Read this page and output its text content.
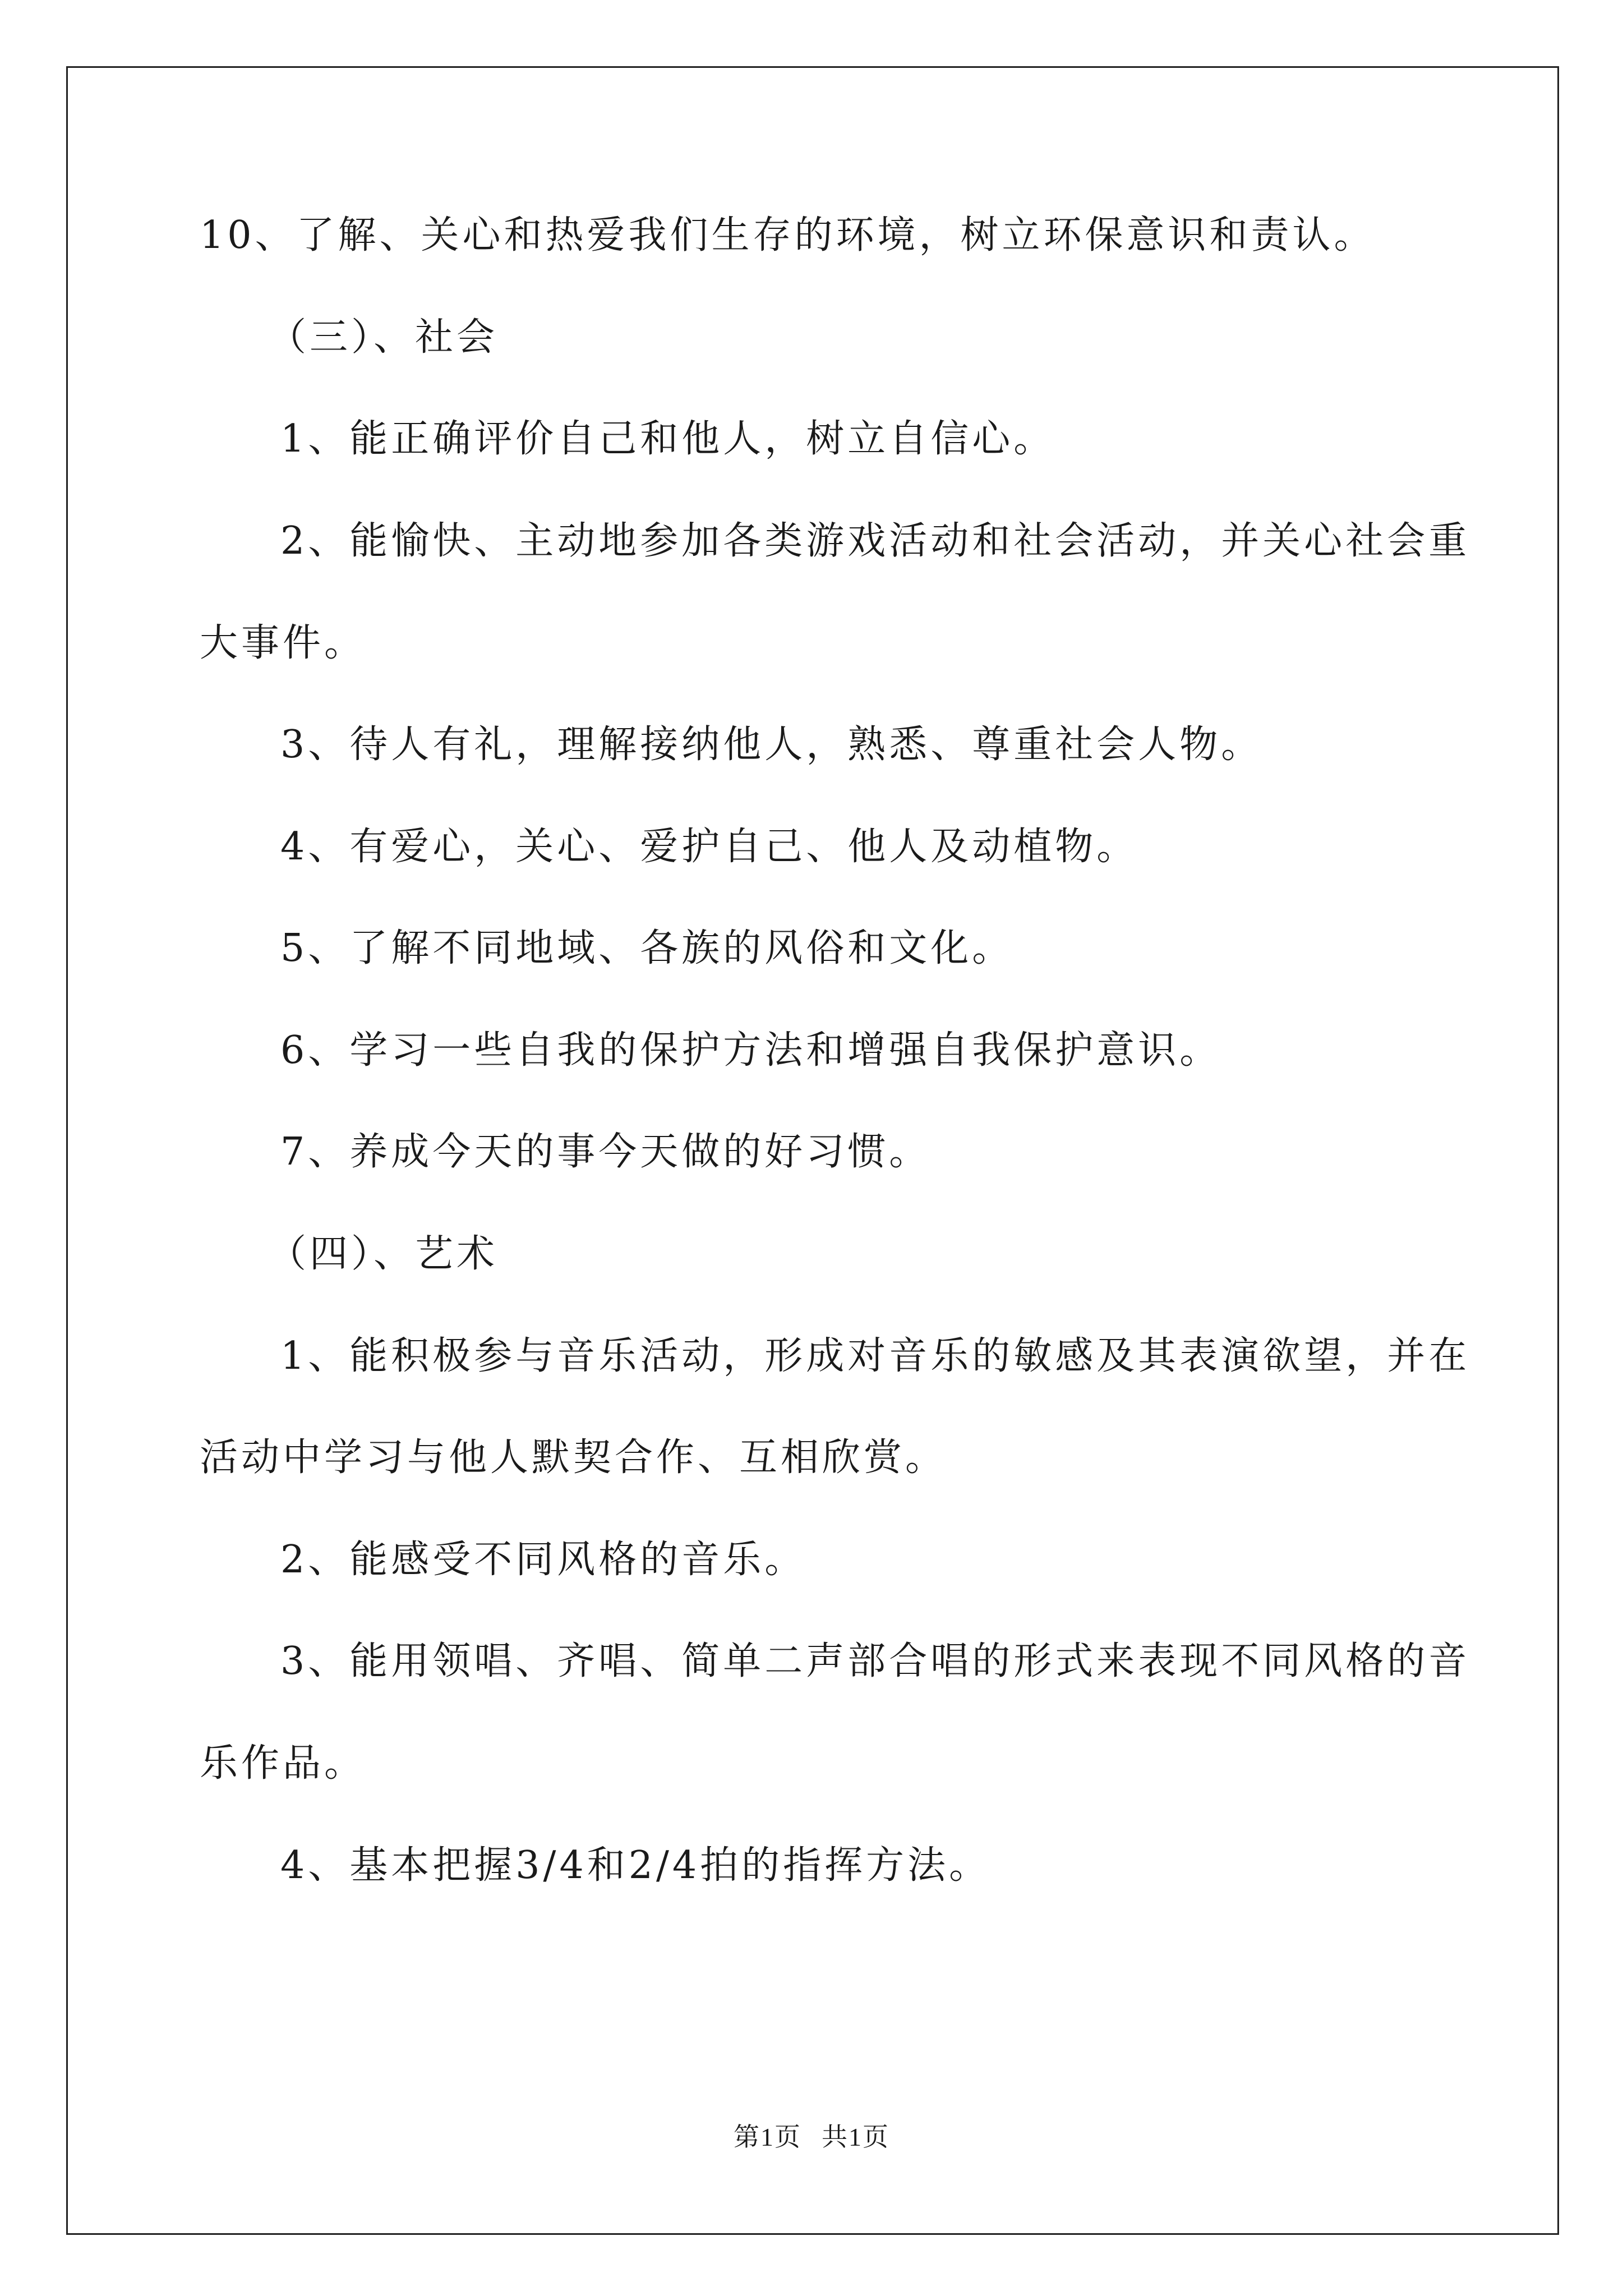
10、了解、关心和热爱我们生存的环境，树立环保意识和责认。
（三）、社会
1、能正确评价自己和他人，树立自信心。
2、能愉快、主动地参加各类游戏活动和社会活动，并关心社会重
大事件。
3、待人有礼，理解接纳他人，熟悉、尊重社会人物。
4、有爱心，关心、爱护自己、他人及动植物。
5、了解不同地域、各族的风俗和文化。
6、学习一些自我的保护方法和增强自我保护意识。
7、养成今天的事今天做的好习惯。
（四）、艺术
1、能积极参与音乐活动，形成对音乐的敏感及其表演欲望，并在
活动中学习与他人默契合作、互相欣赏。
2、能感受不同风格的音乐。
3、能用领唱、齐唱、简单二声部合唱的形式来表现不同风格的音
乐作品。
4、基本把握3/4和2/4拍的指挥方法。
第1页 共1页
